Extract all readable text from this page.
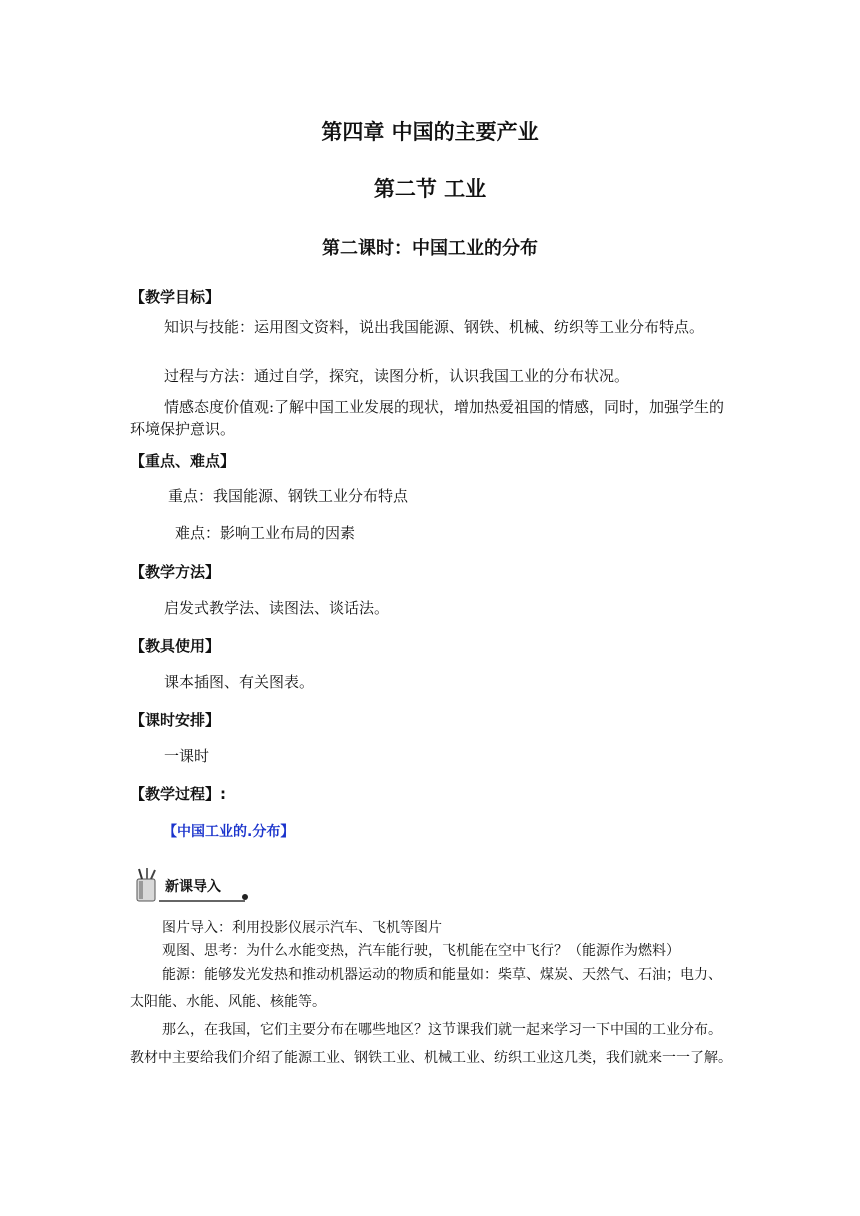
第四章 中国的主要产业
第二节 工业
第二课时：中国工业的分布
【教学目标】
知识与技能：运用图文资料，说出我国能源、钢铁、机械、纺织等工业分布特点。
过程与方法：通过自学，探究，读图分析，认识我国工业的分布状况。
情感态度价值观:了解中国工业发展的现状，增加热爱祖国的情感，同时，加强学生的环境保护意识。
【重点、难点】
重点：我国能源、钢铁工业分布特点
难点：影响工业布局的因素
【教学方法】
启发式教学法、读图法、谈话法。
【教具使用】
课本插图、有关图表。
【课时安排】
一课时
【教学过程】:
【中国工业的.分布】
新课导入
图片导入：利用投影仪展示汽车、飞机等图片
观图、思考：为什么水能变热，汽车能行驶，飞机能在空中飞行？（能源作为燃料）
能源：能够发光发热和推动机器运动的物质和能量如：柴草、煤炭、天然气、石油；电力、太阳能、水能、风能、核能等。
那么，在我国，它们主要分布在哪些地区？这节课我们就一起来学习一下中国的工业分布。教材中主要给我们介绍了能源工业、钢铁工业、机械工业、纺织工业这几类，我们就来一一了解。
